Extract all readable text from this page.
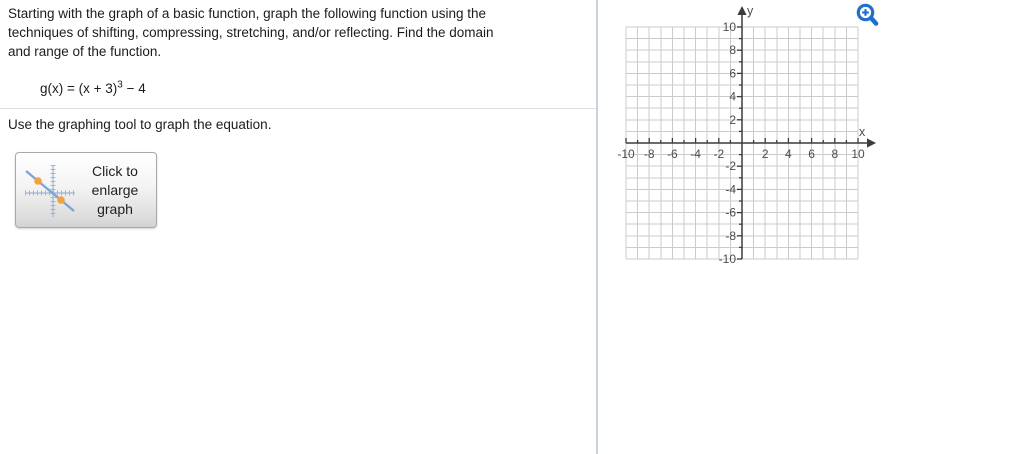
Starting with the graph of a basic function, graph the following function using the
techniques of shifting, compressing, stretching, and/or reflecting. Find the domain
and range of the function.
$g(x) = (x + 3)^3 - 4$
Use the graphing tool to graph the equation.
Click to enlarge graph
-10 -8 -6 -4 -2	2 4 6 8 10
10
8
6
4
2
-2
-4
-6
-8
-10
y
x
